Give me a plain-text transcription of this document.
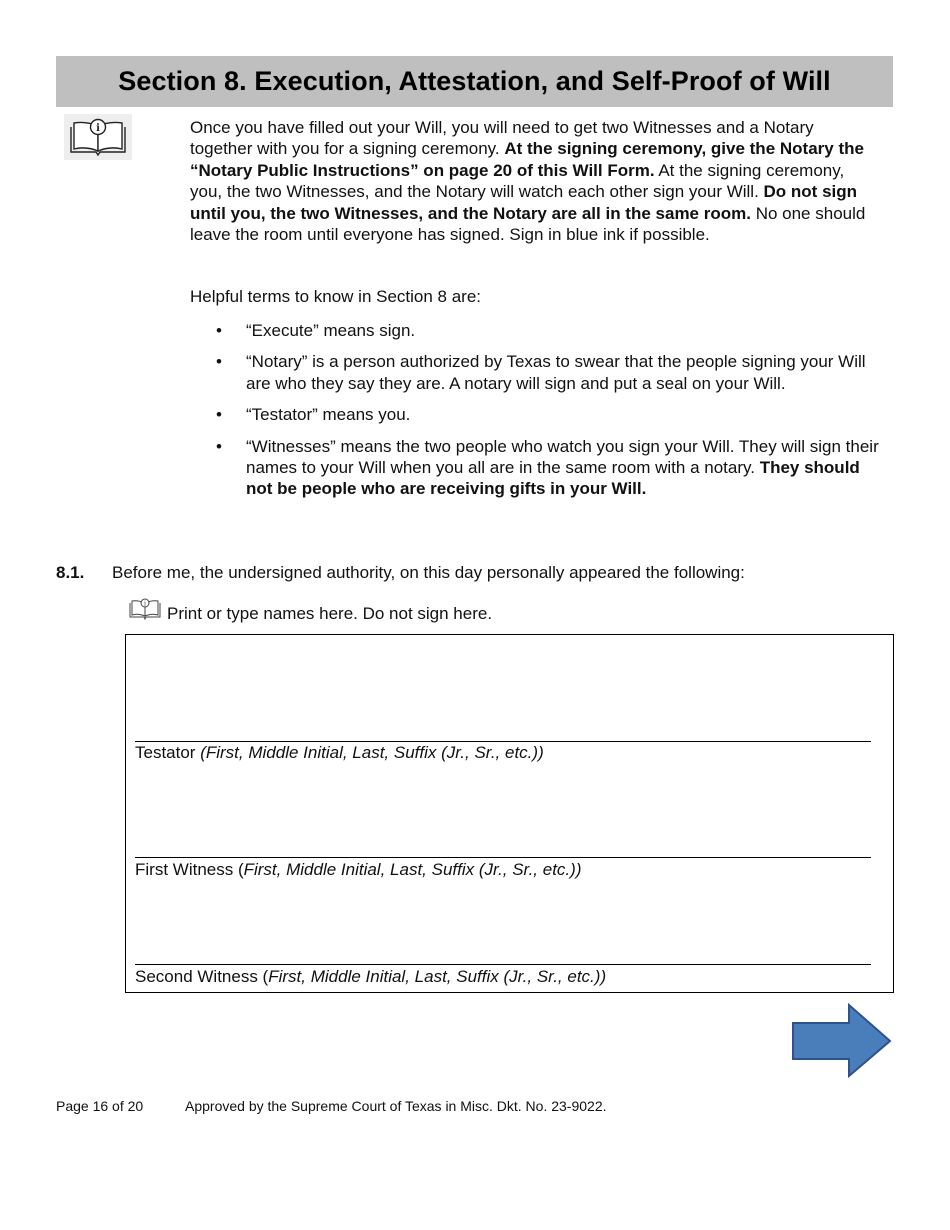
Section 8. Execution, Attestation, and Self-Proof of Will
i	Once you have filled out your Will, you will need to get two Witnesses and a Notary together with you for a signing ceremony. At the signing ceremony, give the Notary the “Notary Public Instructions” on page 20 of this Will Form. At the signing ceremony, you, the two Witnesses, and the Notary will watch each other sign your Will. Do not sign until you, the two Witnesses, and the Notary are all in the same room. No one should leave the room until everyone has signed. Sign in blue ink if possible.

Helpful terms to know in Section 8 are:
• “Execute” means sign.
• “Notary” is a person authorized by Texas to swear that the people signing your Will are who they say they are. A notary will sign and put a seal on your Will.
• “Testator” means you.
• “Witnesses” means the two people who watch you sign your Will. They will sign their names to your Will when you all are in the same room with a notary. They should not be people who are receiving gifts in your Will.
8.1. Before me, the undersigned authority, on this day personally appeared the following:
i Print or type names here. Do not sign here.
Testator (First, Middle Initial, Last, Suffix (Jr., Sr., etc.))
First Witness (First, Middle Initial, Last, Suffix (Jr., Sr., etc.))
Second Witness (First, Middle Initial, Last, Suffix (Jr., Sr., etc.))
Page 16 of 20	Approved by the Supreme Court of Texas in Misc. Dkt. No. 23-9022.
